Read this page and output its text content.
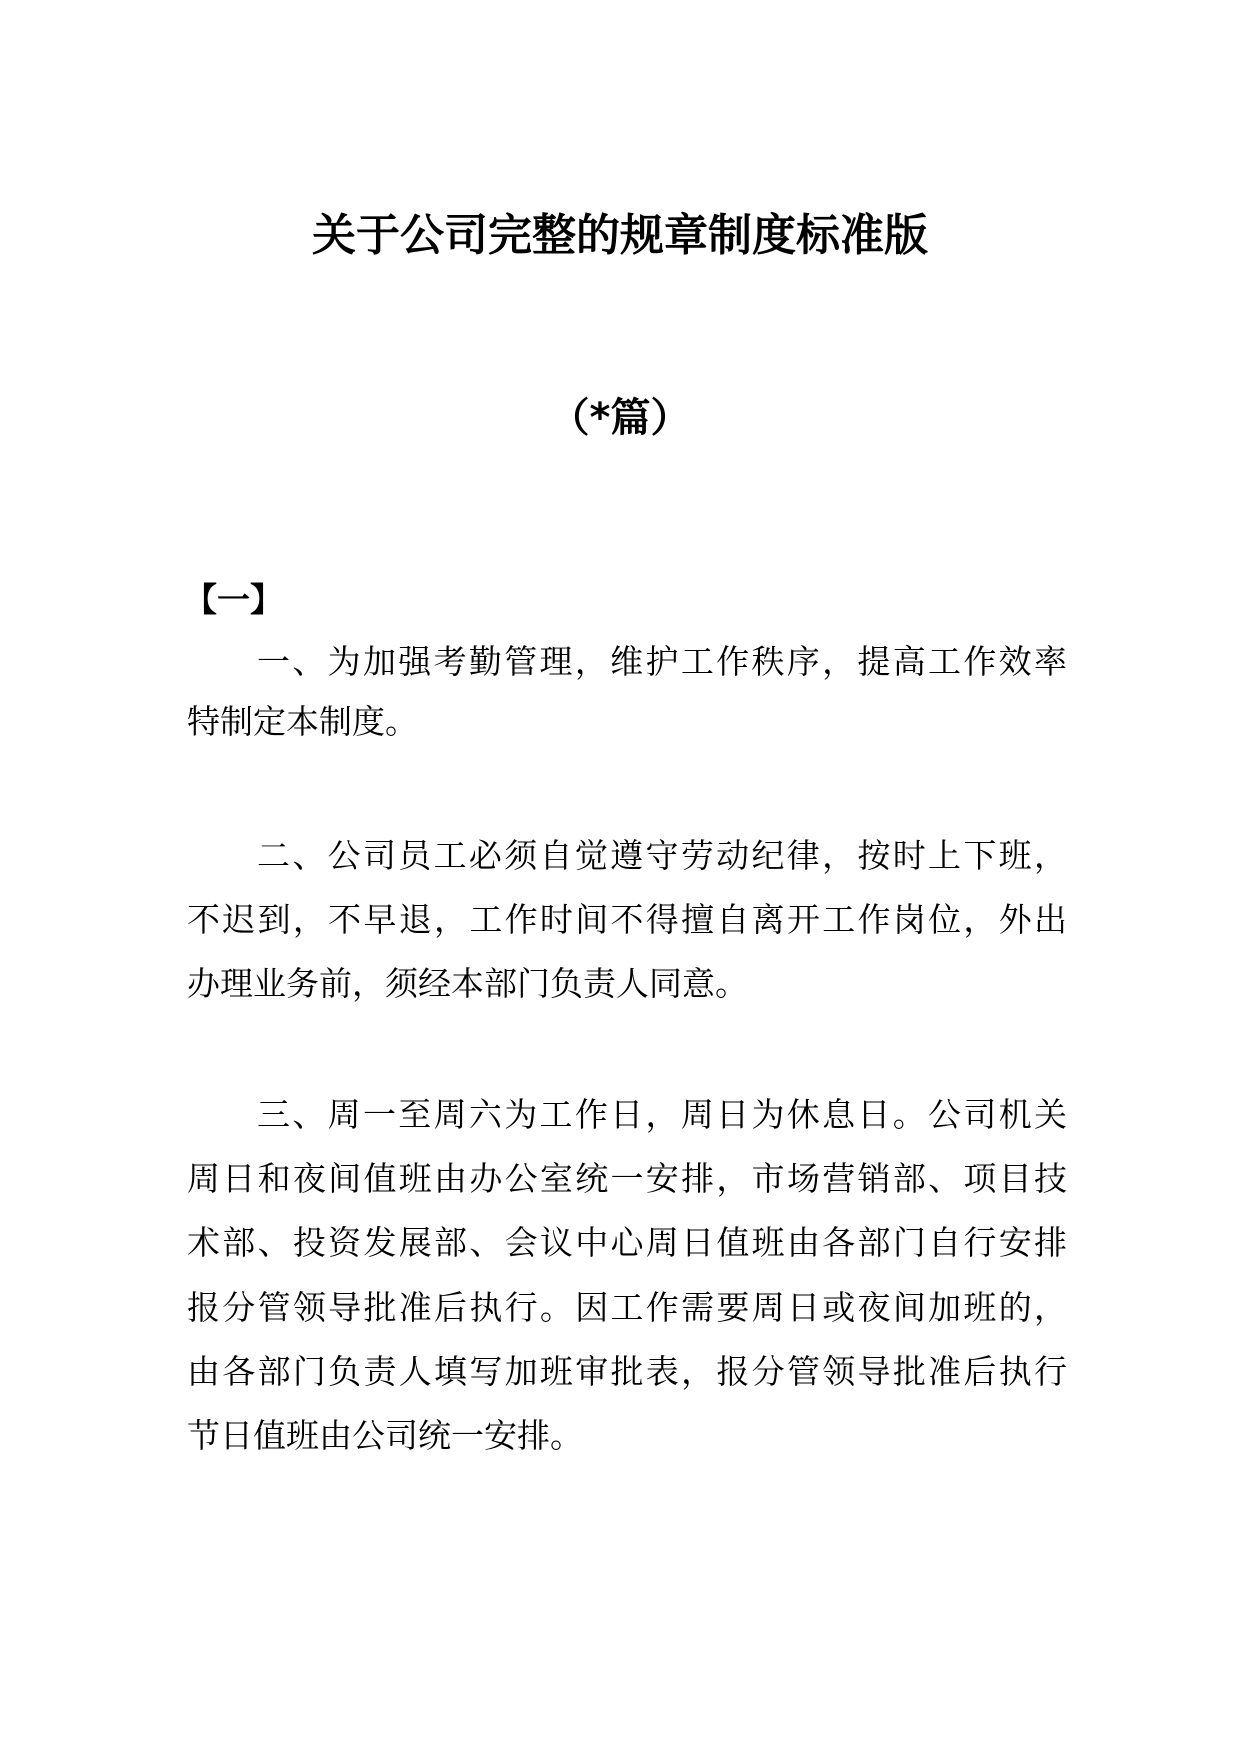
关于公司完整的规章制度标准版
（*篇）
【一】
一、为加强考勤管理，维护工作秩序，提高工作效率
特制定本制度。
二、公司员工必须自觉遵守劳动纪律，按时上下班，
不迟到，不早退，工作时间不得擅自离开工作岗位，外出
办理业务前，须经本部门负责人同意。
三、周一至周六为工作日，周日为休息日。公司机关
周日和夜间值班由办公室统一安排，市场营销部、项目技
术部、投资发展部、会议中心周日值班由各部门自行安排
报分管领导批准后执行。因工作需要周日或夜间加班的，
由各部门负责人填写加班审批表，报分管领导批准后执行
节日值班由公司统一安排。
